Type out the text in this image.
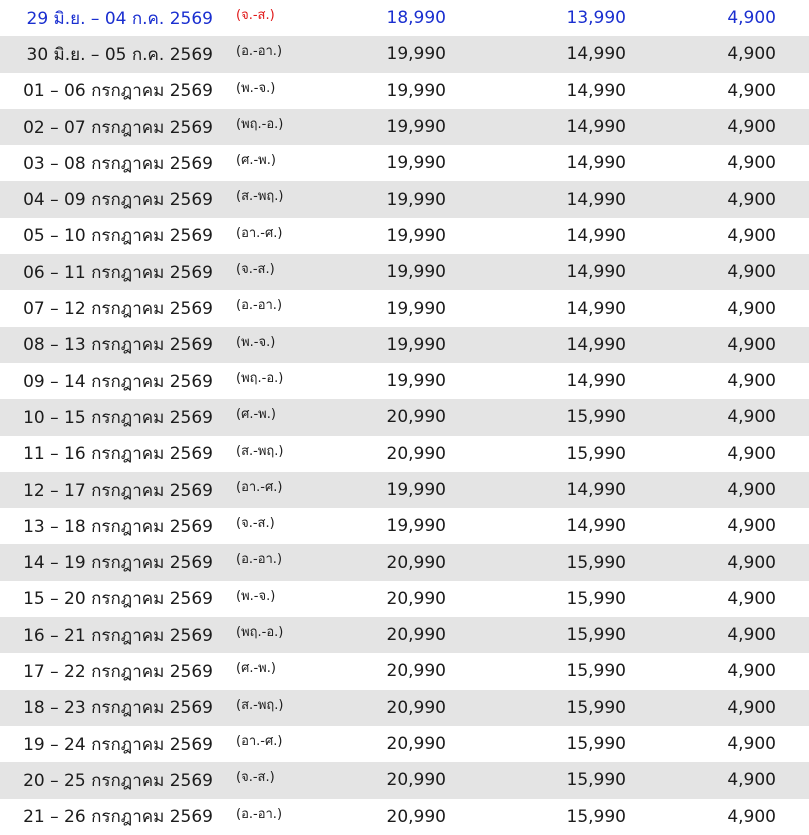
29 มิ.ย. – 04 ก.ค. 2569	(จ.-ส.)	18,990	13,990	4,900	
30 มิ.ย. – 05 ก.ค. 2569	(อ.-อา.)	19,990	14,990	4,900	
01 – 06 กรกฎาคม 2569	(พ.-จ.)	19,990	14,990	4,900	
02 – 07 กรกฎาคม 2569	(พฤ.-อ.)	19,990	14,990	4,900	
03 – 08 กรกฎาคม 2569	(ศ.-พ.)	19,990	14,990	4,900	
04 – 09 กรกฎาคม 2569	(ส.-พฤ.)	19,990	14,990	4,900	
05 – 10 กรกฎาคม 2569	(อา.-ศ.)	19,990	14,990	4,900	
06 – 11 กรกฎาคม 2569	(จ.-ส.)	19,990	14,990	4,900	
07 – 12 กรกฎาคม 2569	(อ.-อา.)	19,990	14,990	4,900	
08 – 13 กรกฎาคม 2569	(พ.-จ.)	19,990	14,990	4,900	
09 – 14 กรกฎาคม 2569	(พฤ.-อ.)	19,990	14,990	4,900	
10 – 15 กรกฎาคม 2569	(ศ.-พ.)	20,990	15,990	4,900	
11 – 16 กรกฎาคม 2569	(ส.-พฤ.)	20,990	15,990	4,900	
12 – 17 กรกฎาคม 2569	(อา.-ศ.)	19,990	14,990	4,900	
13 – 18 กรกฎาคม 2569	(จ.-ส.)	19,990	14,990	4,900	
14 – 19 กรกฎาคม 2569	(อ.-อา.)	20,990	15,990	4,900	
15 – 20 กรกฎาคม 2569	(พ.-จ.)	20,990	15,990	4,900	
16 – 21 กรกฎาคม 2569	(พฤ.-อ.)	20,990	15,990	4,900	
17 – 22 กรกฎาคม 2569	(ศ.-พ.)	20,990	15,990	4,900	
18 – 23 กรกฎาคม 2569	(ส.-พฤ.)	20,990	15,990	4,900	
19 – 24 กรกฎาคม 2569	(อา.-ศ.)	20,990	15,990	4,900	
20 – 25 กรกฎาคม 2569	(จ.-ส.)	20,990	15,990	4,900	
21 – 26 กรกฎาคม 2569	(อ.-อา.)	20,990	15,990	4,900	
